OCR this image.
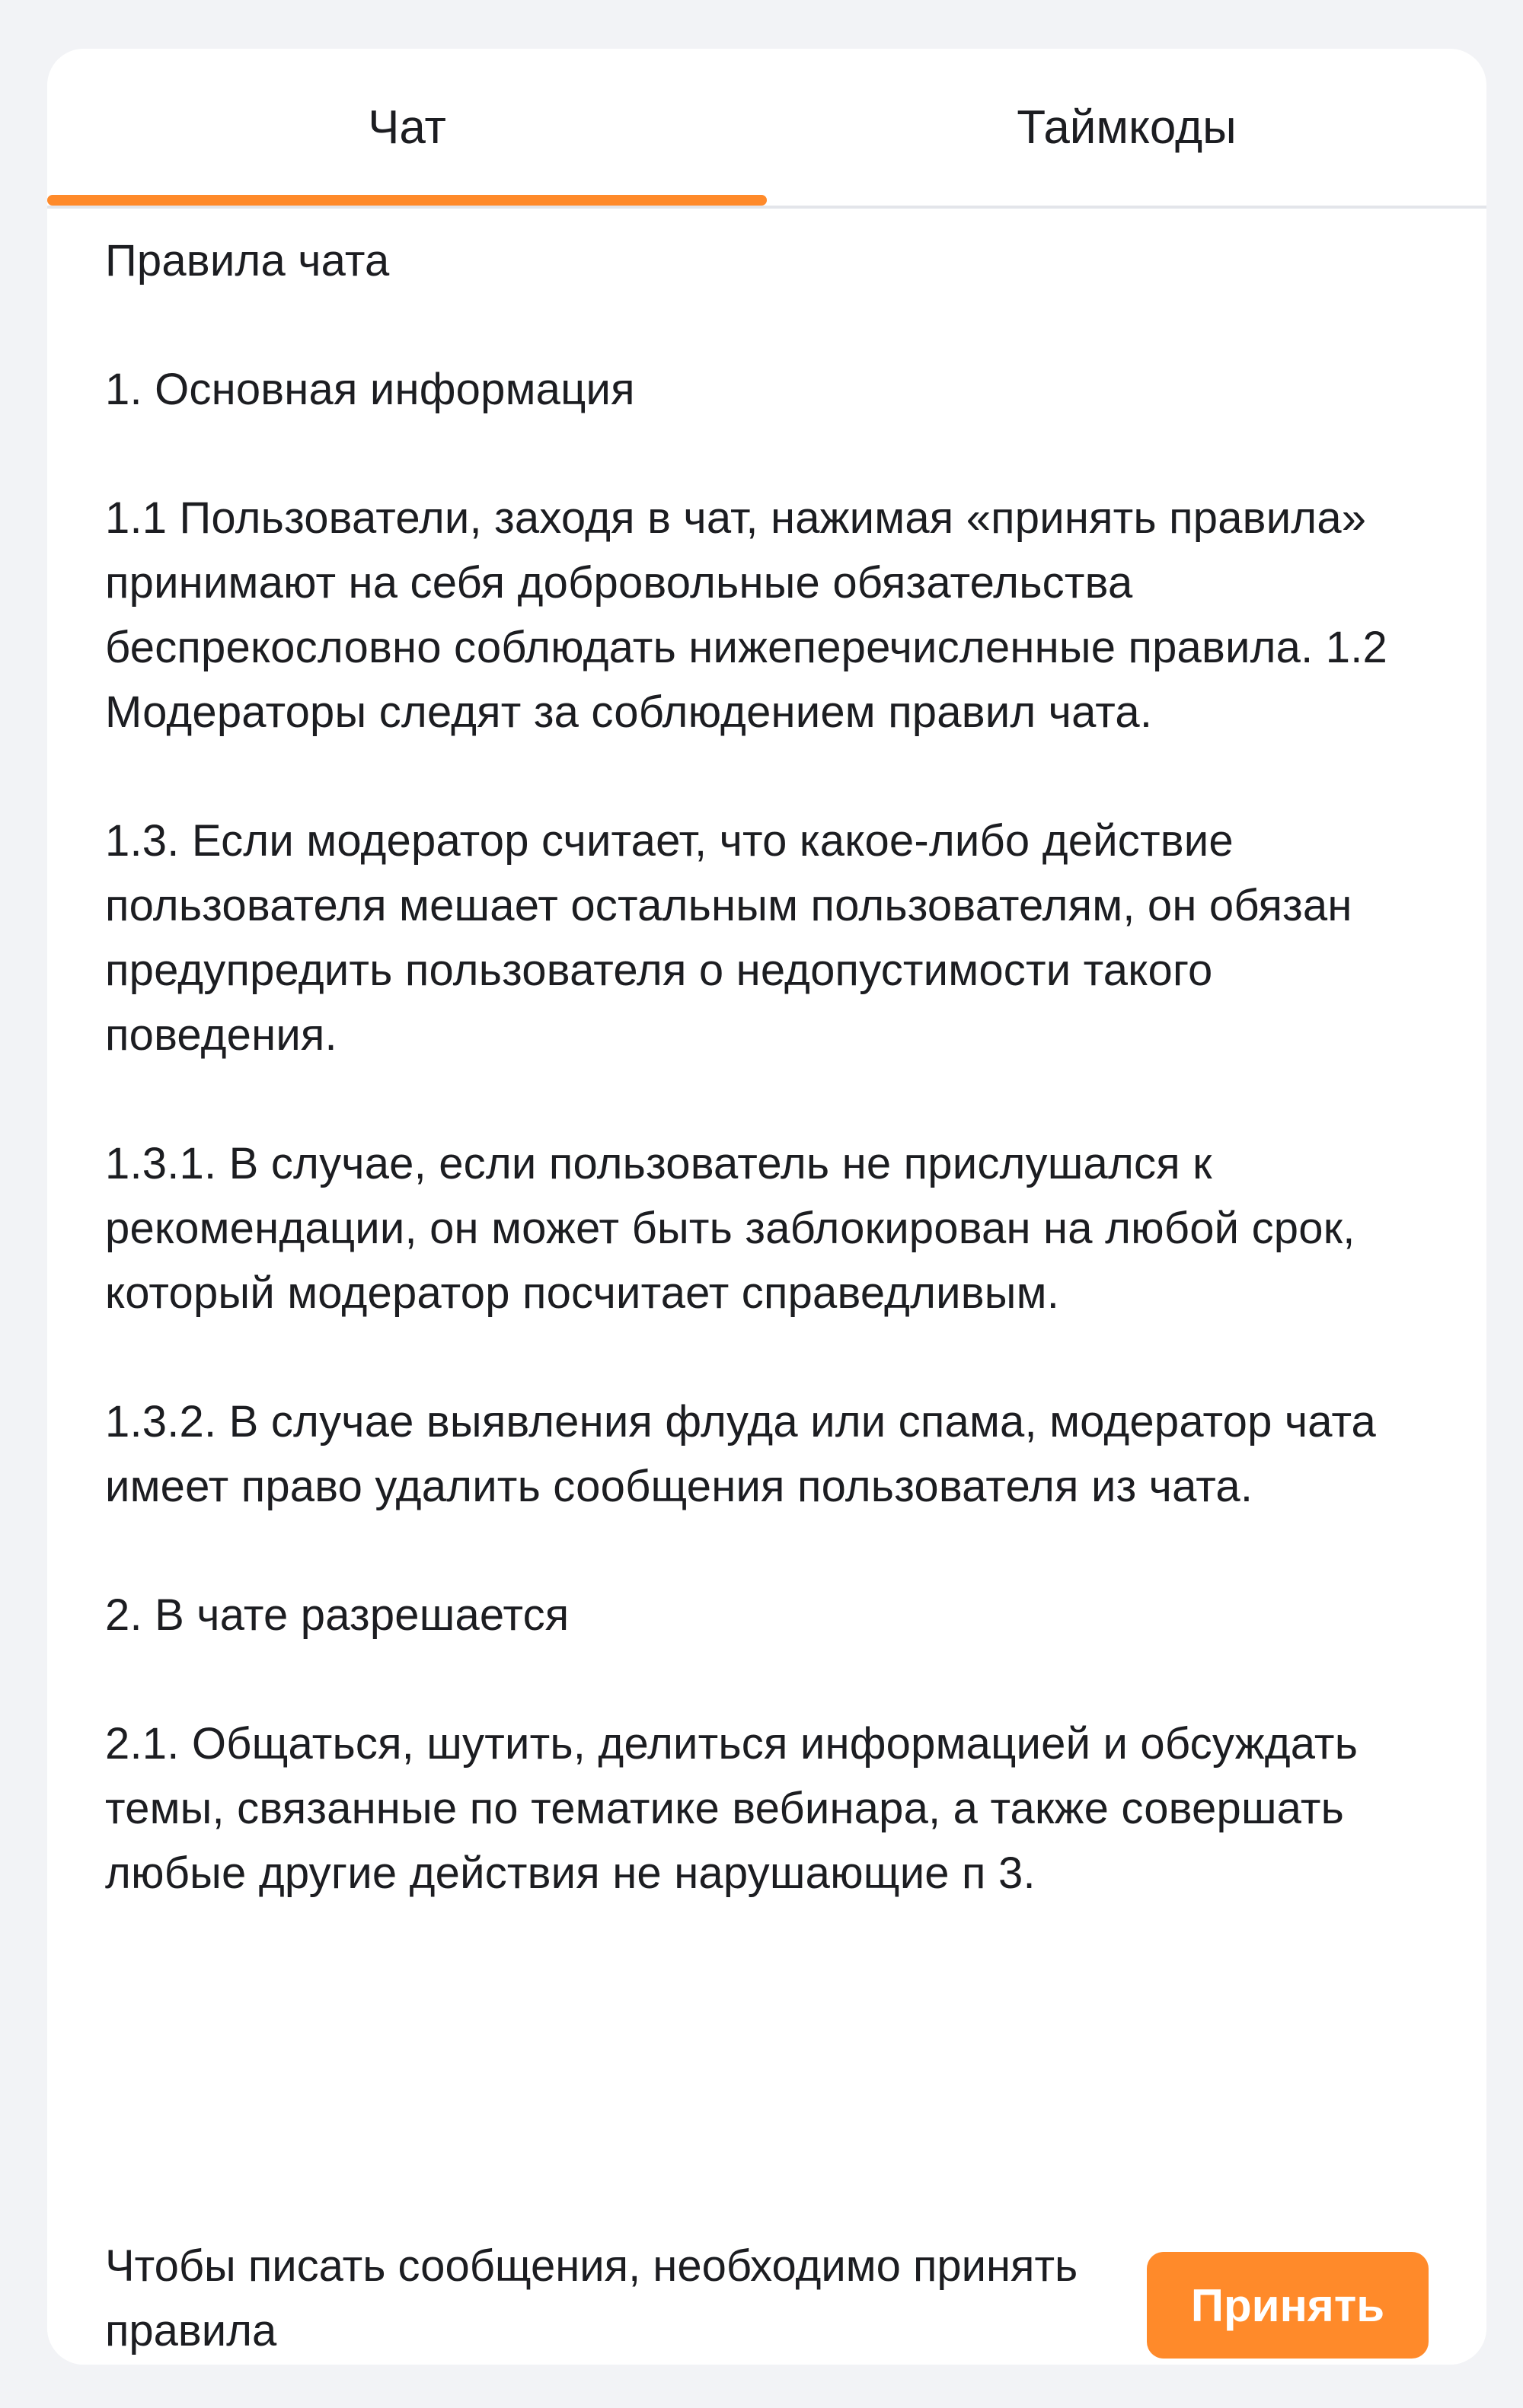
Чат	Таймкоды

Правила чата

1. Основная информация

1.1 Пользователи, заходя в чат, нажимая «принять правила» принимают на себя добровольные обязательства беспрекословно соблюдать нижеперечисленные правила. 1.2 Модераторы следят за соблюдением правил чата.

1.3. Если модератор считает, что какое-либо действие пользователя мешает остальным пользователям, он обязан предупредить пользователя о недопустимости такого поведения.

1.3.1. В случае, если пользователь не прислушался к рекомендации, он может быть заблокирован на любой срок, который модератор посчитает справедливым.

1.3.2. В случае выявления флуда или спама, модератор чата имеет право удалить сообщения пользователя из чата.

2. В чате разрешается

2.1. Общаться, шутить, делиться информацией и обсуждать темы, связанные по тематике вебинара, а также совершать любые другие действия не нарушающие п 3.

Чтобы писать сообщения, необходимо принять правила	Принять
